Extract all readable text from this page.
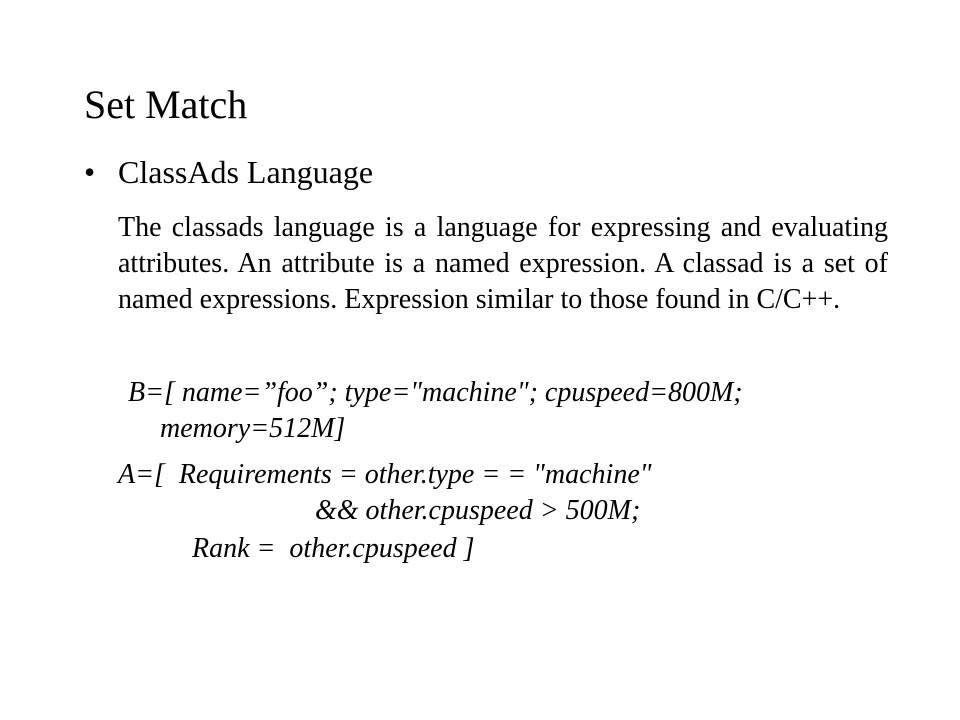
Set Match
• ClassAds Language
The classads language is a language for expressing and evaluating attributes. An attribute is a named expression. A classad is a set of named expressions. Expression similar to those found in C/C++.
B=[ name=”foo”; type="machine"; cpuspeed=800M;
memory=512M]
A=[  Requirements = other.type = = "machine"
&& other.cpuspeed > 500M;
Rank =  other.cpuspeed ]
